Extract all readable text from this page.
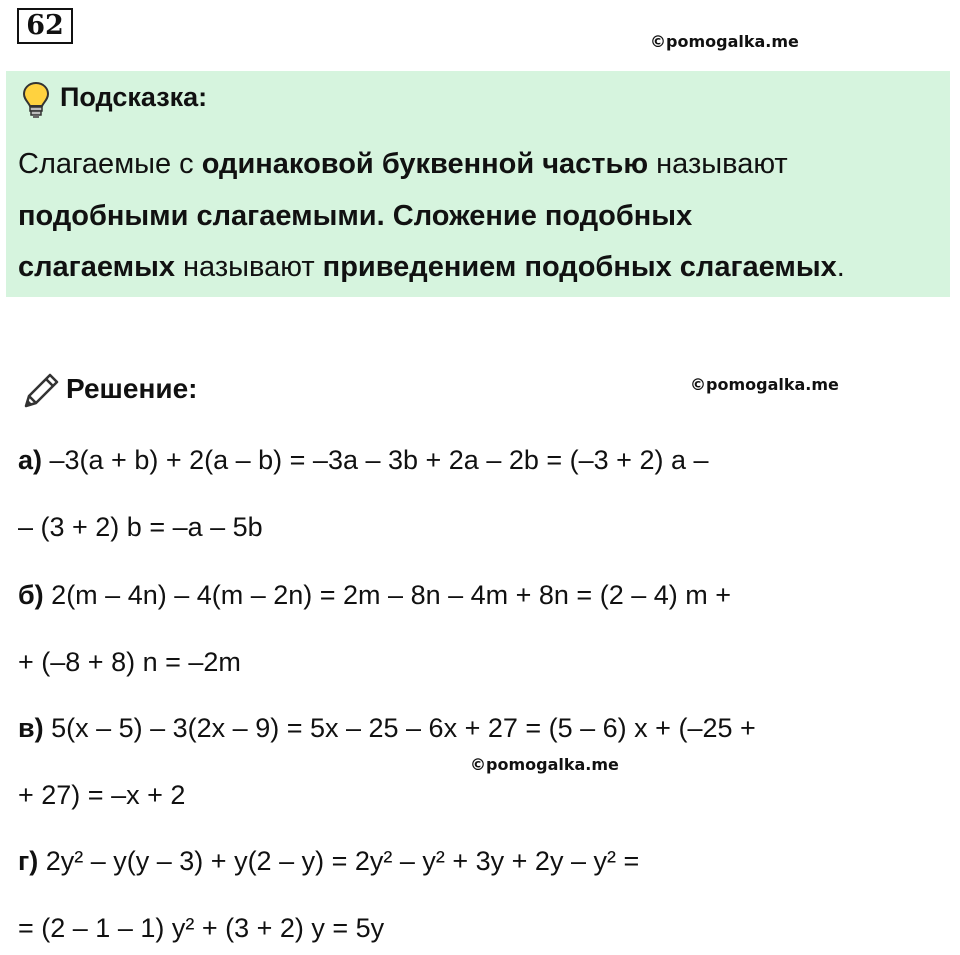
62
©pomogalka.me
Подсказка:
Слагаемые с одинаковой буквенной частью называют
подобными слагаемыми. Сложение подобных
слагаемых называют приведением подобных слагаемых.
Решение:	©pomogalka.me
а) –3(a + b) + 2(a – b) = –3a – 3b + 2a – 2b = (–3 + 2) a –
– (3 + 2) b = –a – 5b
б) 2(m – 4n) – 4(m – 2n) = 2m – 8n – 4m + 8n = (2 – 4) m +
+ (–8 + 8) n = –2m
в) 5(x – 5) – 3(2x – 9) = 5x – 25 – 6x + 27 = (5 – 6) x + (–25 +
©pomogalka.me
+ 27) = –x + 2
г) 2y² – y(y – 3) + y(2 – y) = 2y² – y² + 3y + 2y – y² =
= (2 – 1 – 1) y² + (3 + 2) y = 5y
